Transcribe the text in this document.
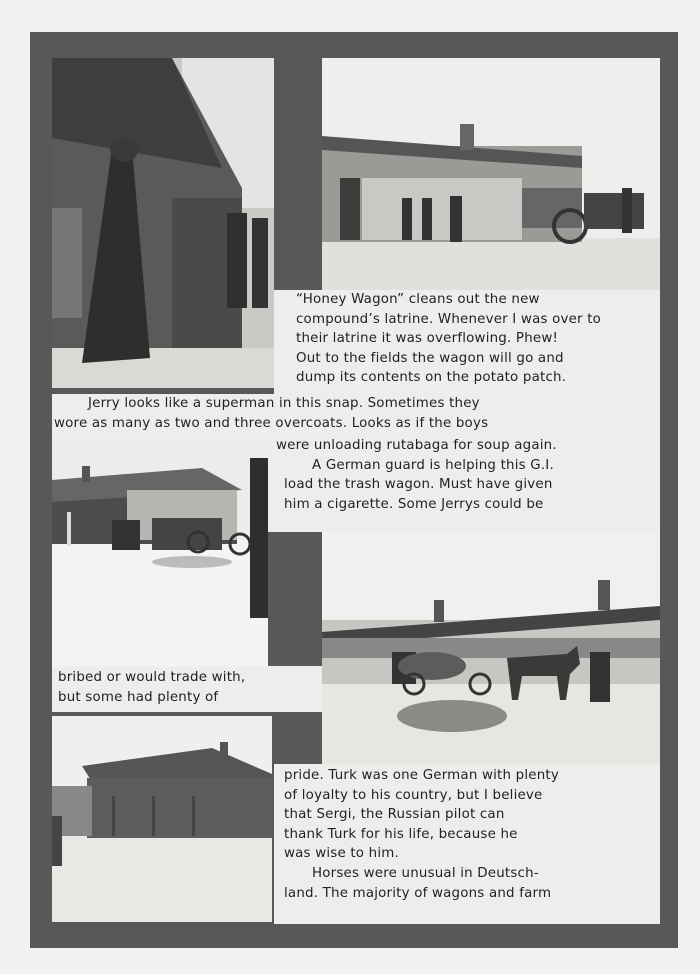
“Honey Wagon” cleans out the new
compound’s latrine. Whenever I was over to
their latrine it was overflowing. Phew!
Out to the fields the wagon will go and
dump its contents on the potato patch.
Jerry looks like a superman in this snap. Sometimes they
wore as many as two and three overcoats. Looks as if the boys
were unloading rutabaga for soup again.
A German guard is helping this G.I.
load the trash wagon. Must have given
him a cigarette. Some Jerrys could be
bribed or would trade with,
but some had plenty of
pride. Turk was one German with plenty
of loyalty to his country, but I believe
that Sergi, the Russian pilot can
thank Turk for his life, because he
was wise to him.
Horses were unusual in Deutsch-
land. The majority of wagons and farm
